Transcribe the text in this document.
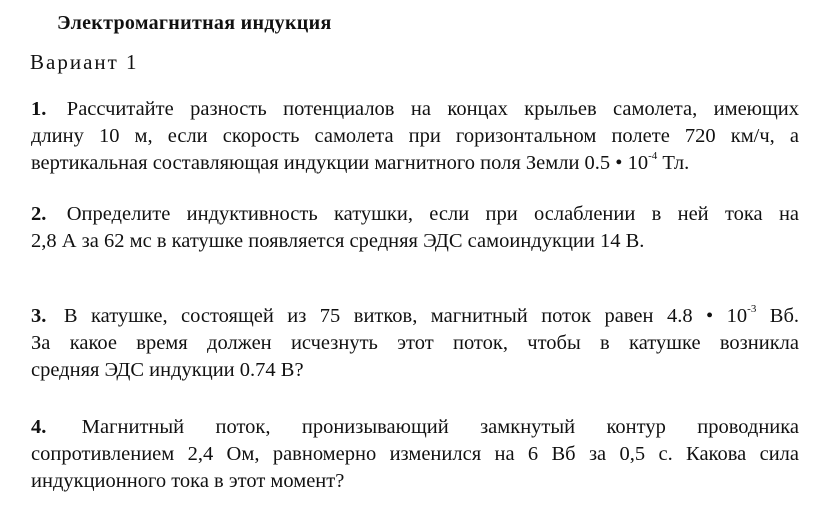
Электромагнитная индукция
Вариант 1
1. Рассчитайте разность потенциалов на концах крыльев самолета, имеющих
длину 10 м, если скорость самолета при горизонтальном полете 720 км/ч, а
вертикальная составляющая индукции магнитного поля Земли 0.5 • $10^{-4}$ Тл.
2. Определите индуктивность катушки, если при ослаблении в ней тока на
2,8 А за 62 мс в катушке появляется средняя ЭДС самоиндукции 14 В.
3. В катушке, состоящей из 75 витков, магнитный поток равен 4.8 • $10^{-3}$ Вб.
За какое время должен исчезнуть этот поток, чтобы в катушке возникла
средняя ЭДС индукции 0.74 В?
4. Магнитный поток, пронизывающий замкнутый контур проводника
сопротивлением 2,4 Ом, равномерно изменился на 6 Вб за 0,5 с. Какова сила
индукционного тока в этот момент?
